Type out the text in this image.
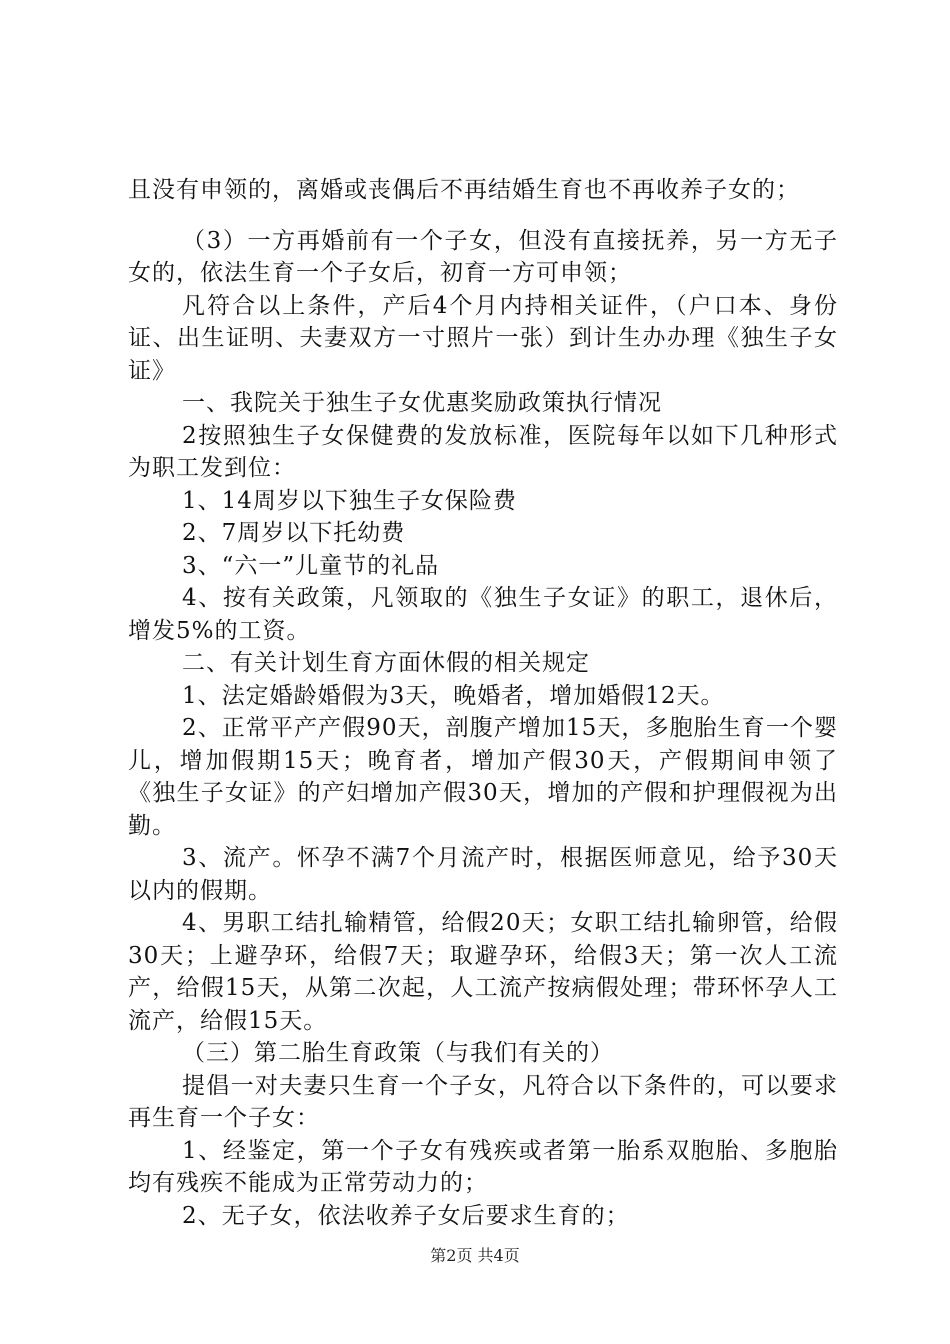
且没有申领的，离婚或丧偶后不再结婚生育也不再收养子女的；

（3）一方再婚前有一个子女，但没有直接抚养，另一方无子女的，依法生育一个子女后，初育一方可申领；

凡符合以上条件，产后4个月内持相关证件，（户口本、身份证、出生证明、夫妻双方一寸照片一张）到计生办办理《独生子女证》

一、我院关于独生子女优惠奖励政策执行情况

2按照独生子女保健费的发放标准，医院每年以如下几种形式为职工发到位：

1、14周岁以下独生子女保险费

2、7周岁以下托幼费

3、“六一”儿童节的礼品

4、按有关政策，凡领取的《独生子女证》的职工，退休后，增发5%的工资。

二、有关计划生育方面休假的相关规定

1、法定婚龄婚假为3天，晚婚者，增加婚假12天。

2、正常平产产假90天，剖腹产增加15天，多胞胎生育一个婴儿，增加假期15天；晚育者，增加产假30天，产假期间申领了《独生子女证》的产妇增加产假30天，增加的产假和护理假视为出勤。

3、流产。怀孕不满7个月流产时，根据医师意见，给予30天以内的假期。

4、男职工结扎输精管，给假20天；女职工结扎输卵管，给假30天；上避孕环，给假7天；取避孕环，给假3天；第一次人工流产，给假15天，从第二次起，人工流产按病假处理；带环怀孕人工流产，给假15天。

（三）第二胎生育政策（与我们有关的）

提倡一对夫妻只生育一个子女，凡符合以下条件的，可以要求再生育一个子女：

1、经鉴定，第一个子女有残疾或者第一胎系双胞胎、多胞胎均有残疾不能成为正常劳动力的；

2、无子女，依法收养子女后要求生育的；

第2页 共4页
